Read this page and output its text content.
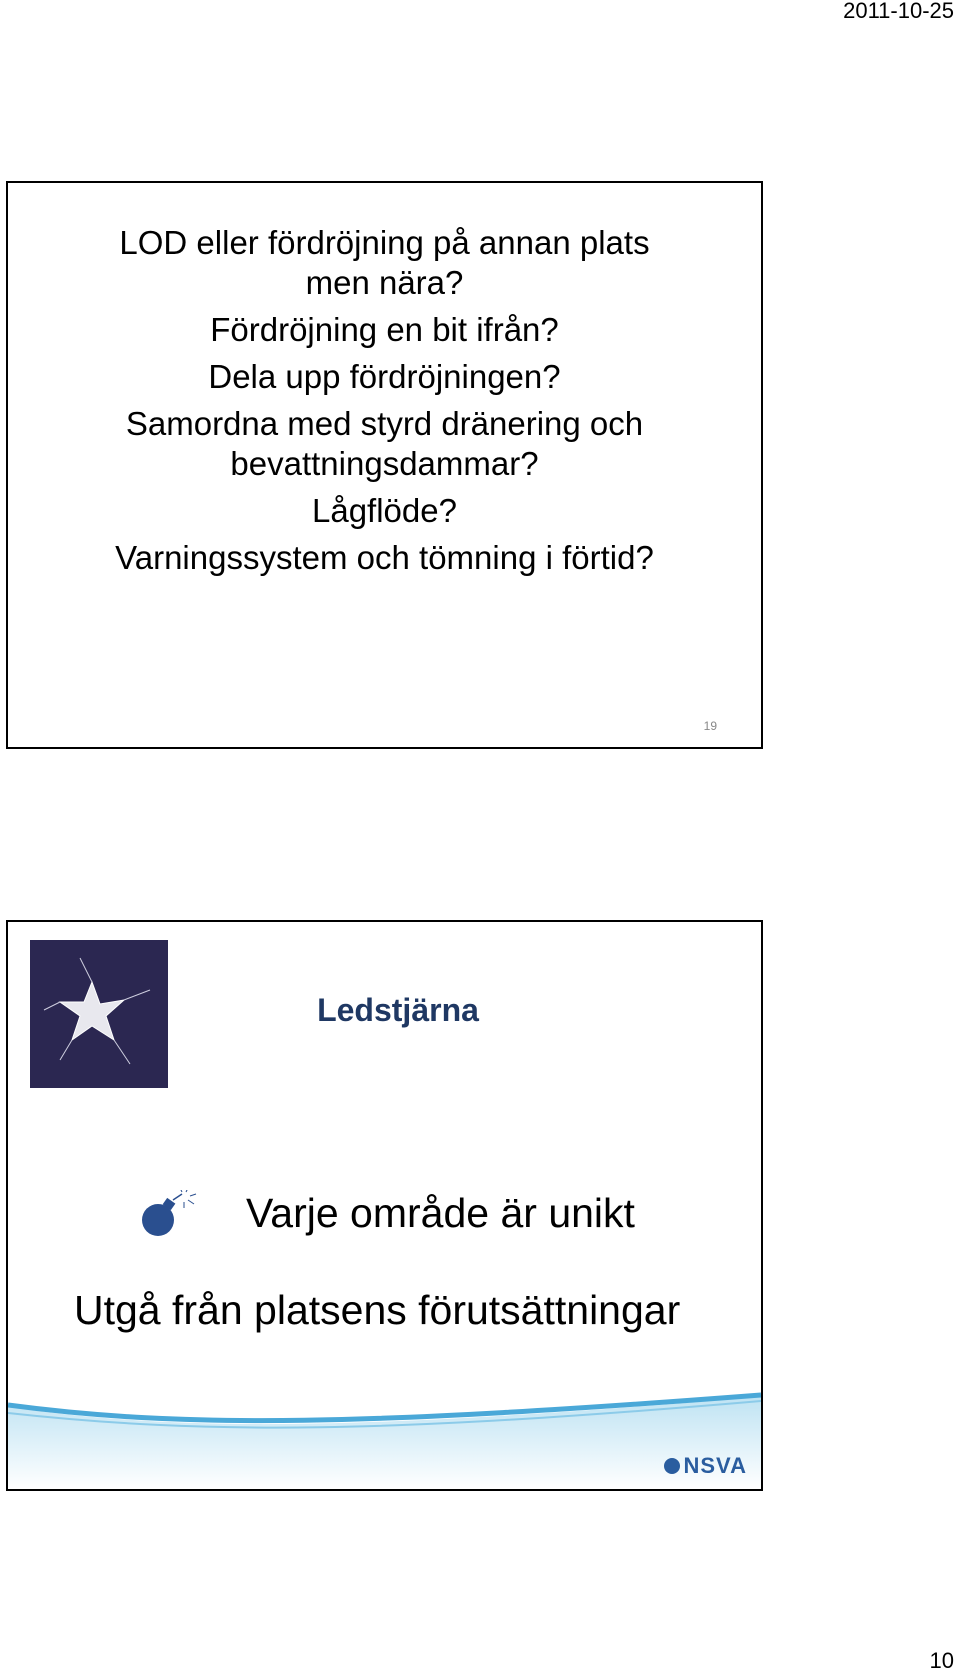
2011-10-25
LOD eller fördröjning på annan plats men nära?
Fördröjning en bit ifrån?
Dela upp fördröjningen?
Samordna med styrd dränering och bevattningsdammar?
Lågflöde?
Varningssystem och tömning i förtid?
19
Ledstjärna
Varje område är unikt
Utgå från platsens förutsättningar
NSVA
10
